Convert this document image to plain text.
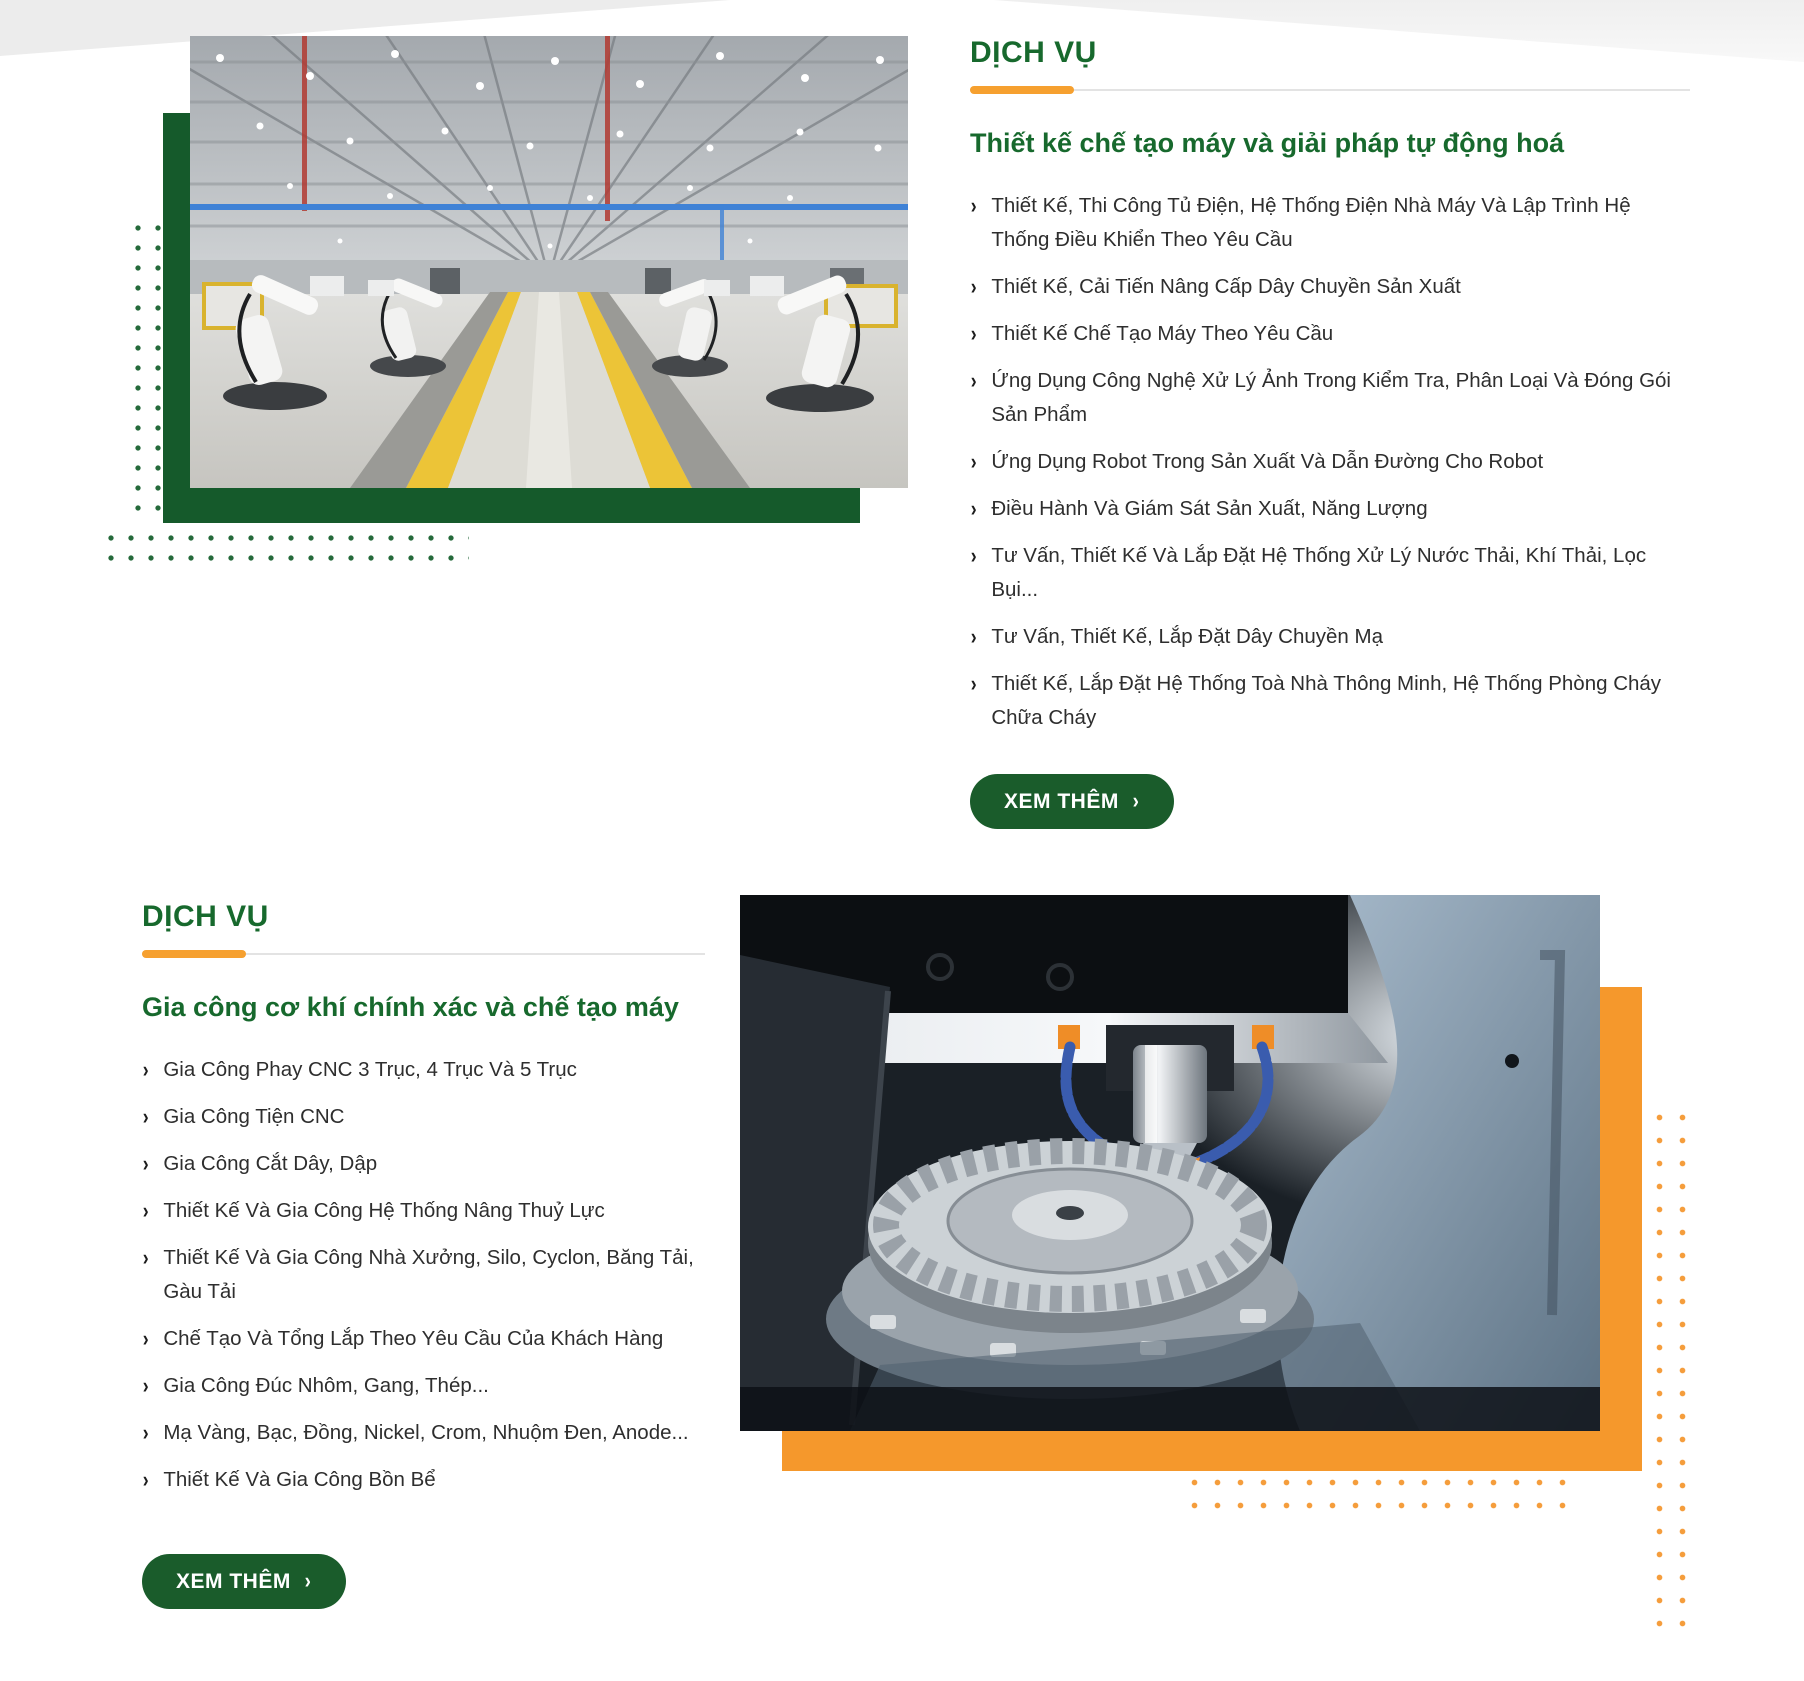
DỊCH VỤ
Thiết kế chế tạo máy và giải pháp tự động hoá
› Thiết Kế, Thi Công Tủ Điện, Hệ Thống Điện Nhà Máy Và Lập Trình Hệ Thống Điều Khiển Theo Yêu Cầu
› Thiết Kế, Cải Tiến Nâng Cấp Dây Chuyền Sản Xuất
› Thiết Kế Chế Tạo Máy Theo Yêu Cầu
› Ứng Dụng Công Nghệ Xử Lý Ảnh Trong Kiểm Tra, Phân Loại Và Đóng Gói Sản Phẩm
› Ứng Dụng Robot Trong Sản Xuất Và Dẫn Đường Cho Robot
› Điều Hành Và Giám Sát Sản Xuất, Năng Lượng
› Tư Vấn, Thiết Kế Và Lắp Đặt Hệ Thống Xử Lý Nước Thải, Khí Thải, Lọc Bụi...
› Tư Vấn, Thiết Kế, Lắp Đặt Dây Chuyền Mạ
› Thiết Kế, Lắp Đặt Hệ Thống Toà Nhà Thông Minh, Hệ Thống Phòng Cháy Chữa Cháy
XEM THÊM ›
DỊCH VỤ
Gia công cơ khí chính xác và chế tạo máy
› Gia Công Phay CNC 3 Trục, 4 Trục Và 5 Trục
› Gia Công Tiện CNC
› Gia Công Cắt Dây, Dập
› Thiết Kế Và Gia Công Hệ Thống Nâng Thuỷ Lực
› Thiết Kế Và Gia Công Nhà Xưởng, Silo, Cyclon, Băng Tải, Gàu Tải
› Chế Tạo Và Tổng Lắp Theo Yêu Cầu Của Khách Hàng
› Gia Công Đúc Nhôm, Gang, Thép...
› Mạ Vàng, Bạc, Đồng, Nickel, Crom, Nhuộm Đen, Anode...
› Thiết Kế Và Gia Công Bồn Bể
XEM THÊM ›
